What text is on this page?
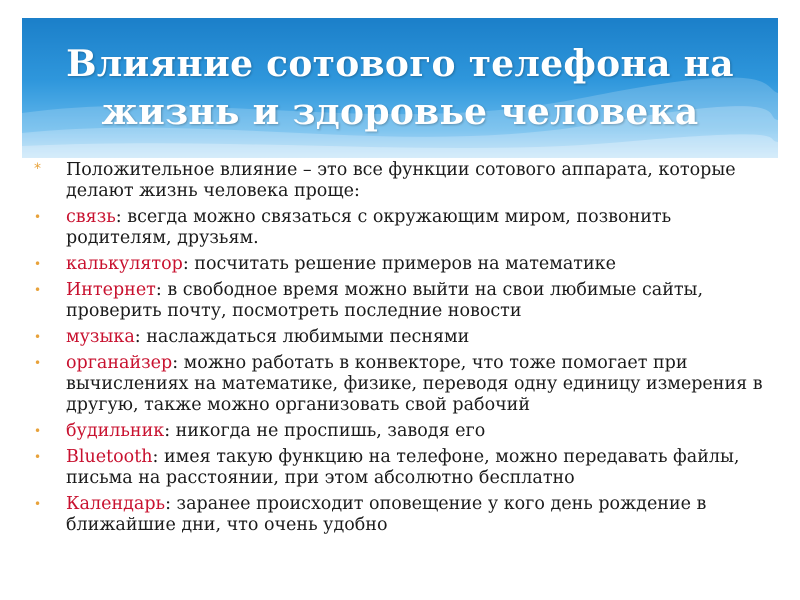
Влияние сотового телефона на
жизнь и здоровье человека
* Положительное влияние – это все функции сотового аппарата, которые делают жизнь человека проще:
• связь: всегда можно связаться с окружающим миром, позвонить родителям, друзьям.
• калькулятор: посчитать решение примеров на математике
• Интернет: в свободное время можно выйти на свои любимые сайты, проверить почту, посмотреть последние новости
• музыка: наслаждаться любимыми песнями
• органайзер: можно работать в конвекторе, что тоже помогает при вычислениях на математике, физике, переводя одну единицу измерения в другую, также можно организовать свой рабочий
• будильник: никогда не проспишь, заводя его
• Bluetooth: имея такую функцию на телефоне, можно передавать файлы, письма на расстоянии, при этом абсолютно бесплатно
• Календарь: заранее происходит оповещение у кого день рождение в ближайшие дни, что очень удобно
